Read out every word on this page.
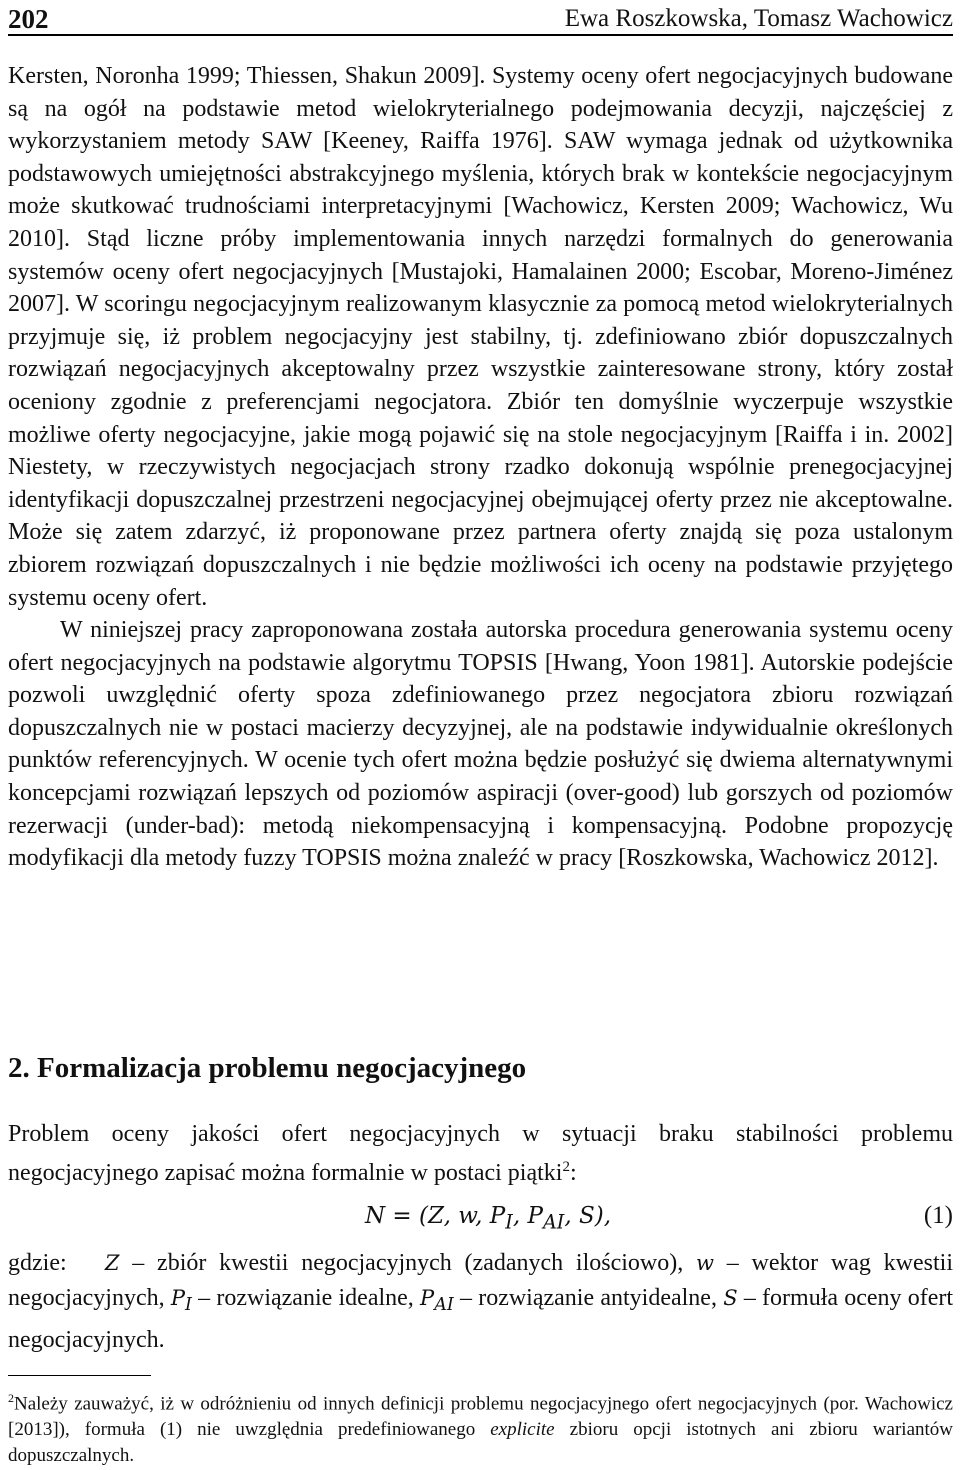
202	Ewa Roszkowska, Tomasz Wachowicz

Kersten, Noronha 1999; Thiessen, Shakun 2009]. Systemy oceny ofert negocjacyjnych budowane są na ogół na podstawie metod wielokryterialnego podejmowania decyzji, najczęściej z wykorzystaniem metody SAW [Keeney, Raiffa 1976]. SAW wymaga jednak od użytkownika podstawowych umiejętności abstrakcyjnego myślenia, których brak w kontekście negocjacyjnym może skutkować trudnościami interpretacyjnymi [Wachowicz, Kersten 2009; Wachowicz, Wu 2010]. Stąd liczne próby implementowania innych narzędzi formalnych do generowania systemów oceny ofert negocjacyjnych [Mustajoki, Hamalainen 2000; Escobar, Moreno-Jiménez 2007]. W scoringu negocjacyjnym realizowanym klasycznie za pomocą metod wielokryterialnych przyjmuje się, iż problem negocjacyjny jest stabilny, tj. zdefiniowano zbiór dopuszczalnych rozwiązań negocjacyjnych akceptowalny przez wszystkie zainteresowane strony, który został oceniony zgodnie z preferencjami negocjatora. Zbiór ten domyślnie wyczerpuje wszystkie możliwe oferty negocjacyjne, jakie mogą pojawić się na stole negocjacyjnym [Raiffa i in. 2002] Niestety, w rzeczywistych negocjacjach strony rzadko dokonują wspólnie prenegocjacyjnej identyfikacji dopuszczalnej przestrzeni negocjacyjnej obejmującej oferty przez nie akceptowalne. Może się zatem zdarzyć, iż proponowane przez partnera oferty znajdą się poza ustalonym zbiorem rozwiązań dopuszczalnych i nie będzie możliwości ich oceny na podstawie przyjętego systemu oceny ofert.

W niniejszej pracy zaproponowana została autorska procedura generowania systemu oceny ofert negocjacyjnych na podstawie algorytmu TOPSIS [Hwang, Yoon 1981]. Autorskie podejście pozwoli uwzględnić oferty spoza zdefiniowanego przez negocjatora zbioru rozwiązań dopuszczalnych nie w postaci macierzy decyzyjnej, ale na podstawie indywidualnie określonych punktów referencyjnych. W ocenie tych ofert można będzie posłużyć się dwiema alternatywnymi koncepcjami rozwiązań lepszych od poziomów aspiracji (over-good) lub gorszych od poziomów rezerwacji (under-bad): metodą niekompensacyjną i kompensacyjną. Podobne propozycję modyfikacji dla metody fuzzy TOPSIS można znaleźć w pracy [Roszkowska, Wachowicz 2012].

2. Formalizacja problemu negocjacyjnego
Problem oceny jakości ofert negocjacyjnych w sytuacji braku stabilności problemu negocjacyjnego zapisać można formalnie w postaci piątki$^2$:
N = (Z, w, $P_I$, $P_{AI}$, S),	(1)
gdzie: Z – zbiór kwestii negocjacyjnych (zadanych ilościowo), w – wektor wag kwestii negocjacyjnych, $P_I$ – rozwiązanie idealne, $P_{AI}$ – rozwiązanie antyidealne, S – formuła oceny ofert negocjacyjnych.
$^2$Należy zauważyć, iż w odróżnieniu od innych definicji problemu negocjacyjnego ofert negocjacyjnych (por. Wachowicz [2013]), formuła (1) nie uwzględnia predefiniowanego explicite zbioru opcji istotnych ani zbioru wariantów dopuszczalnych.
